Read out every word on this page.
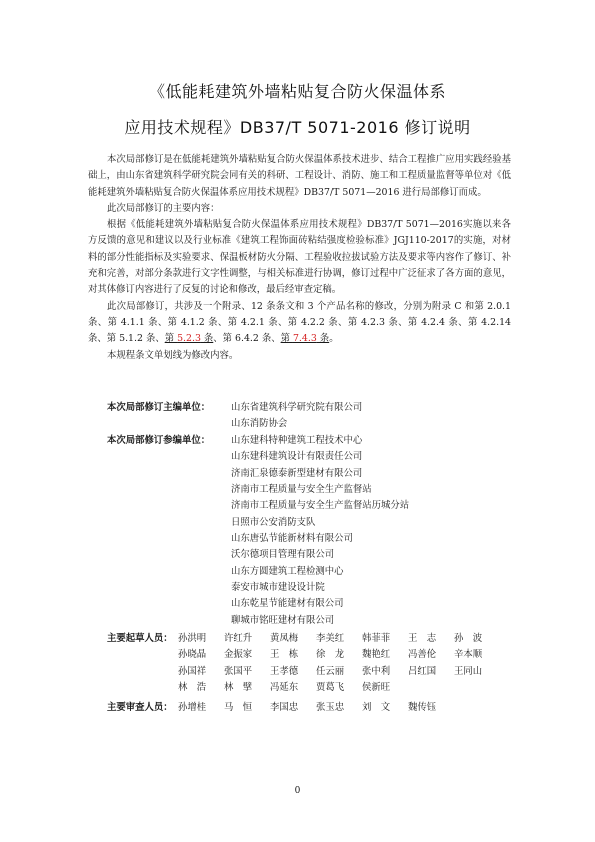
《低能耗建筑外墙粘贴复合防火保温体系
应用技术规程》DB37/T 5071-2016 修订说明

本次局部修订是在低能耗建筑外墙粘贴复合防火保温体系技术进步、结合工程推广应用实践经验基础上，由山东省建筑科学研究院会同有关的科研、工程设计、消防、施工和工程质量监督等单位对《低能耗建筑外墙粘贴复合防火保温体系应用技术规程》DB37/T 5071—2016 进行局部修订而成。

此次局部修订的主要内容：

根据《低能耗建筑外墙粘贴复合防火保温体系应用技术规程》DB37/T 5071—2016实施以来各方反馈的意见和建议以及行业标准《建筑工程饰面砖粘结强度检验标准》JGJ110-2017的实施，对材料的部分性能指标及实验要求、保温板材防火分隔、工程验收拉拔试验方法及要求等内容作了修订、补充和完善，对部分条款进行文字性调整，与相关标准进行协调，修订过程中广泛征求了各方面的意见，对其体修订内容进行了反复的讨论和修改，最后经审查定稿。

此次局部修订，共涉及一个附录、12 条条文和 3 个产品名称的修改，分别为附录 C 和第 2.0.1 条、第 4.1.1 条、第 4.1.2 条、第 4.2.1 条、第 4.2.2 条、第 4.2.3 条、第 4.2.4 条、第 4.2.14 条、第 5.1.2 条、第 5.2.3 条、第 6.4.2 条、第 7.4.3 条。

本规程条文单划线为修改内容。

本次局部修订主编单位： 山东省建筑科学研究院有限公司
山东消防协会
本次局部修订参编单位： 山东建科特种建筑工程技术中心
山东建科建筑设计有限责任公司
济南汇泉德泰新型建材有限公司
济南市工程质量与安全生产监督站
济南市工程质量与安全生产监督站历城分站
日照市公安消防支队
山东唐弘节能新材料有限公司
沃尔德项目管理有限公司
山东方圆建筑工程检测中心
泰安市城市建设设计院
山东乾星节能建材有限公司
聊城市铭旺建材有限公司
主要起草人员： 孙洪明 许红升 黄凤梅 李美红 韩菲菲 王　志 孙　波
孙晓晶 金振家 王　栋 徐　龙 魏艳红 冯善伦 辛本顺
孙国祥 张国平 王孝德 任云丽 张中利 吕红国 王同山
林　浩 林　擘 冯延东 贾葛飞 侯新旺
主要审查人员： 孙增桂 马　恒 李国忠 张玉忠 刘　文 魏传钰
0
